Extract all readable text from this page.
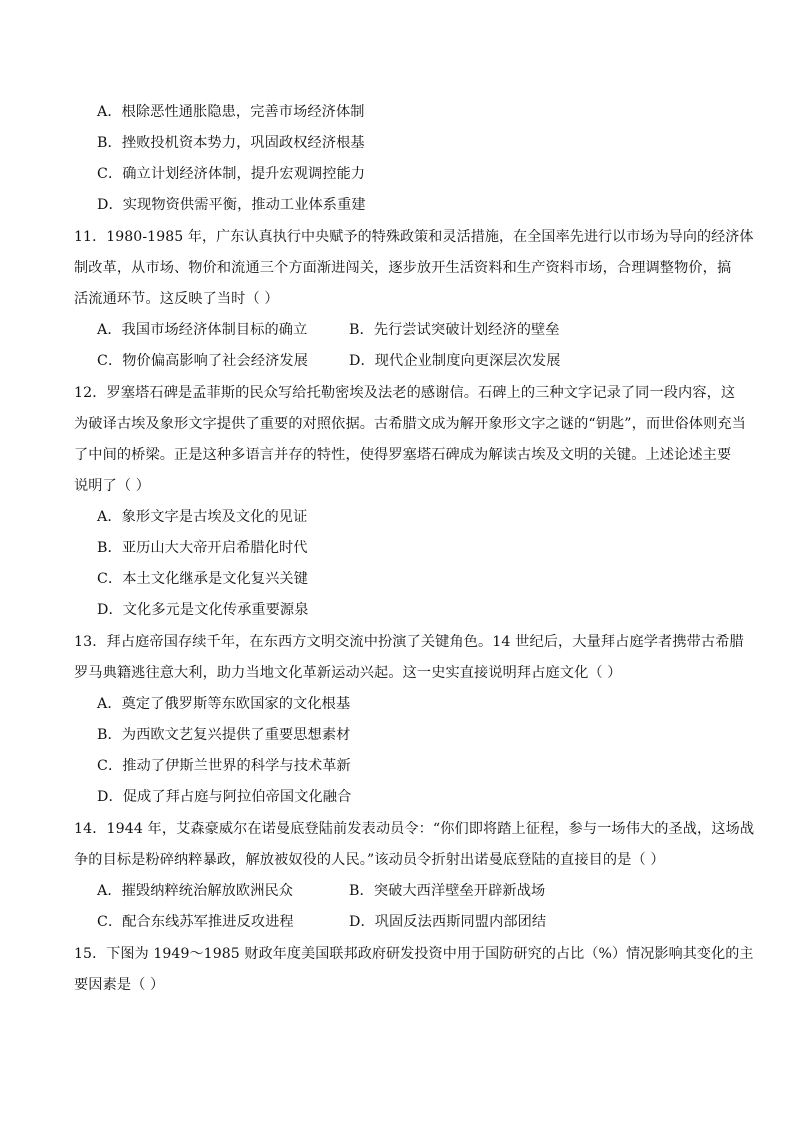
A．根除恶性通胀隐患，完善市场经济体制
B．挫败投机资本势力，巩固政权经济根基
C．确立计划经济体制，提升宏观调控能力
D．实现物资供需平衡，推动工业体系重建
11．1980-1985 年，广东认真执行中央赋予的特殊政策和灵活措施，在全国率先进行以市场为导向的经济体
制改革，从市场、物价和流通三个方面渐进闯关，逐步放开生活资料和生产资料市场，合理调整物价，搞
活流通环节。这反映了当时（ ）
A．我国市场经济体制目标的确立	B．先行尝试突破计划经济的壁垒
C．物价偏高影响了社会经济发展	D．现代企业制度向更深层次发展
12．罗塞塔石碑是孟菲斯的民众写给托勒密埃及法老的感谢信。石碑上的三种文字记录了同一段内容，这
为破译古埃及象形文字提供了重要的对照依据。古希腊文成为解开象形文字之谜的“钥匙”，而世俗体则充当
了中间的桥梁。正是这种多语言并存的特性，使得罗塞塔石碑成为解读古埃及文明的关键。上述论述主要
说明了（ ）
A．象形文字是古埃及文化的见证
B．亚历山大大帝开启希腊化时代
C．本土文化继承是文化复兴关键
D．文化多元是文化传承重要源泉
13．拜占庭帝国存续千年，在东西方文明交流中扮演了关键角色。14 世纪后，大量拜占庭学者携带古希腊
罗马典籍逃往意大利，助力当地文化革新运动兴起。这一史实直接说明拜占庭文化（ ）
A．奠定了俄罗斯等东欧国家的文化根基
B．为西欧文艺复兴提供了重要思想素材
C．推动了伊斯兰世界的科学与技术革新
D．促成了拜占庭与阿拉伯帝国文化融合
14．1944 年，艾森豪威尔在诺曼底登陆前发表动员令：“你们即将踏上征程，参与一场伟大的圣战，这场战
争的目标是粉碎纳粹暴政，解放被奴役的人民。”该动员令折射出诺曼底登陆的直接目的是（ ）
A．摧毁纳粹统治解放欧洲民众	B．突破大西洋壁垒开辟新战场
C．配合东线苏军推进反攻进程	D．巩固反法西斯同盟内部团结
15．下图为 1949～1985 财政年度美国联邦政府研发投资中用于国防研究的占比（%）情况影响其变化的主
要因素是（ ）
